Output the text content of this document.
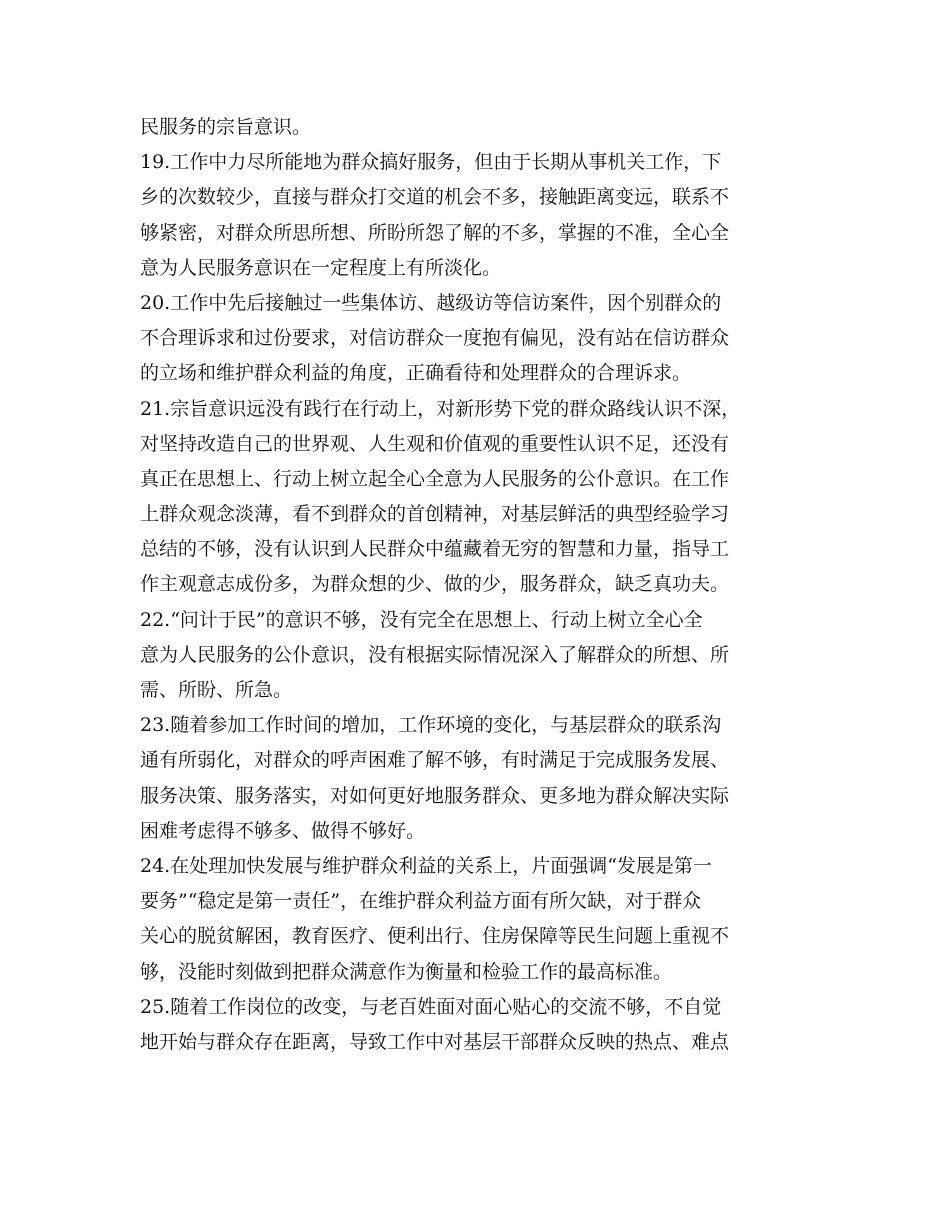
民服务的宗旨意识。
19.工作中力尽所能地为群众搞好服务，但由于长期从事机关工作，下
乡的次数较少，直接与群众打交道的机会不多，接触距离变远，联系不
够紧密，对群众所思所想、所盼所怨了解的不多，掌握的不准，全心全
意为人民服务意识在一定程度上有所淡化。
20.工作中先后接触过一些集体访、越级访等信访案件，因个别群众的
不合理诉求和过份要求，对信访群众一度抱有偏见，没有站在信访群众
的立场和维护群众利益的角度，正确看待和处理群众的合理诉求。
21.宗旨意识远没有践行在行动上，对新形势下党的群众路线认识不深，
对坚持改造自己的世界观、人生观和价值观的重要性认识不足，还没有
真正在思想上、行动上树立起全心全意为人民服务的公仆意识。在工作
上群众观念淡薄，看不到群众的首创精神，对基层鲜活的典型经验学习
总结的不够，没有认识到人民群众中蕴藏着无穷的智慧和力量，指导工
作主观意志成份多，为群众想的少、做的少，服务群众，缺乏真功夫。
22.“问计于民”的意识不够，没有完全在思想上、行动上树立全心全
意为人民服务的公仆意识，没有根据实际情况深入了解群众的所想、所
需、所盼、所急。
23.随着参加工作时间的增加，工作环境的变化，与基层群众的联系沟
通有所弱化，对群众的呼声困难了解不够，有时满足于完成服务发展、
服务决策、服务落实，对如何更好地服务群众、更多地为群众解决实际
困难考虑得不够多、做得不够好。
24.在处理加快发展与维护群众利益的关系上，片面强调“发展是第一
要务”“稳定是第一责任”，在维护群众利益方面有所欠缺，对于群众
关心的脱贫解困，教育医疗、便利出行、住房保障等民生问题上重视不
够，没能时刻做到把群众满意作为衡量和检验工作的最高标准。
25.随着工作岗位的改变，与老百姓面对面心贴心的交流不够，不自觉
地开始与群众存在距离，导致工作中对基层干部群众反映的热点、难点
